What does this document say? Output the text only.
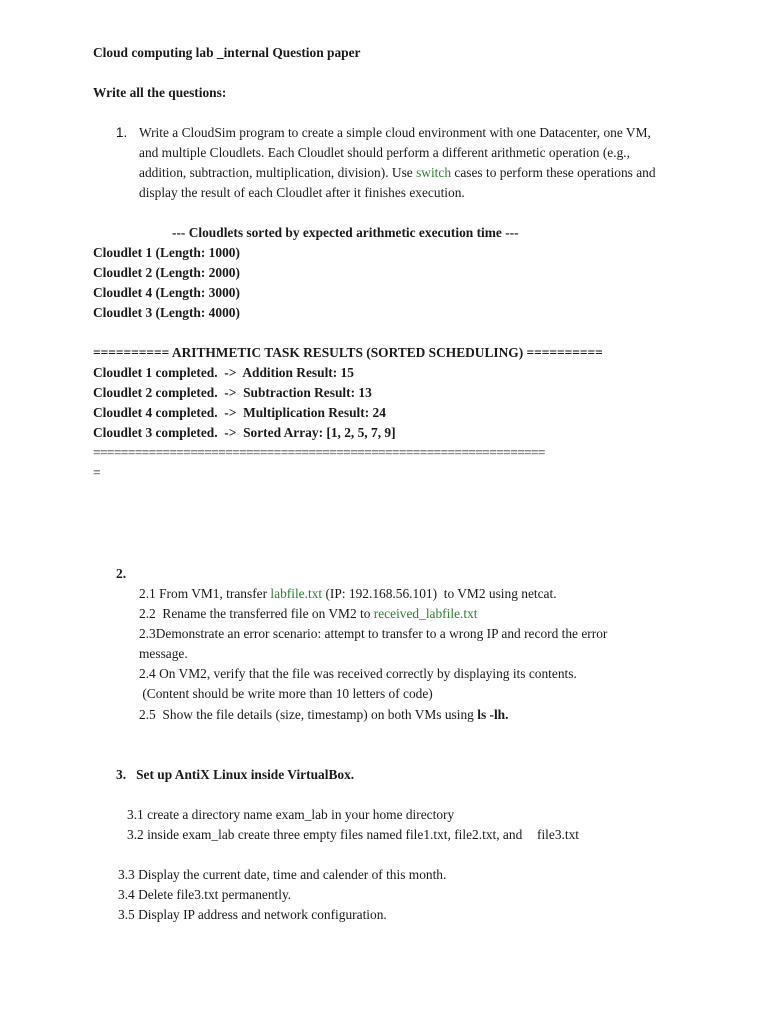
Cloud computing lab _internal Question paper
Write all the questions:
1. Write a CloudSim program to create a simple cloud environment with one Datacenter, one VM,
and multiple Cloudlets. Each Cloudlet should perform a different arithmetic operation (e.g.,
addition, subtraction, multiplication, division). Use switch cases to perform these operations and
display the result of each Cloudlet after it finishes execution.
--- Cloudlets sorted by expected arithmetic execution time ---
Cloudlet 1 (Length: 1000)
Cloudlet 2 (Length: 2000)
Cloudlet 4 (Length: 3000)
Cloudlet 3 (Length: 4000)
========== ARITHMETIC TASK RESULTS (SORTED SCHEDULING) ==========
Cloudlet 1 completed.  ->  Addition Result: 15
Cloudlet 2 completed.  ->  Subtraction Result: 13
Cloudlet 4 completed.  ->  Multiplication Result: 24
Cloudlet 3 completed.  ->  Sorted Array: [1, 2, 5, 7, 9]
=================================================================
=
2.
2.1 From VM1, transfer labfile.txt (IP: 192.168.56.101)  to VM2 using netcat.
2.2  Rename the transferred file on VM2 to received_labfile.txt
2.3Demonstrate an error scenario: attempt to transfer to a wrong IP and record the error
message.
2.4 On VM2, verify that the file was received correctly by displaying its contents.
(Content should be write more than 10 letters of code)
2.5  Show the file details (size, timestamp) on both VMs using ls -lh.
3.   Set up AntiX Linux inside VirtualBox.
3.1 create a directory name exam_lab in your home directory
3.2 inside exam_lab create three empty files named file1.txt, file2.txt, and file3.txt
3.3 Display the current date, time and calender of this month.
3.4 Delete file3.txt permanently.
3.5 Display IP address and network configuration.
